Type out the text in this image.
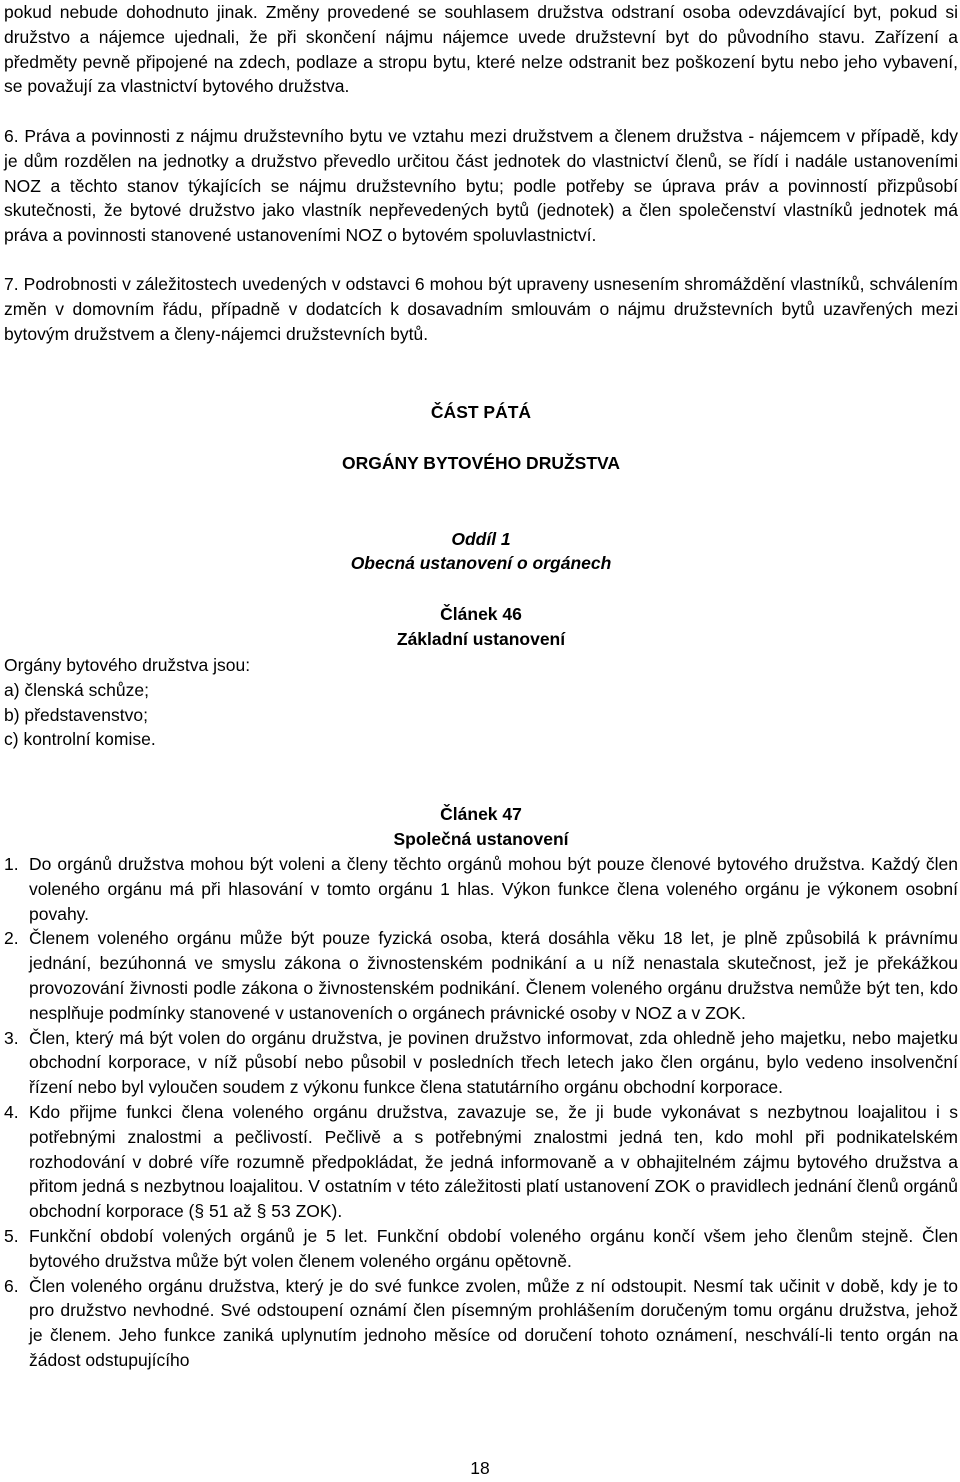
pokud nebude dohodnuto jinak. Změny provedené se souhlasem družstva odstraní osoba odevzdávající byt, pokud si družstvo a nájemce ujednali, že při skončení nájmu nájemce uvede družstevní byt do původního stavu. Zařízení a předměty pevně připojené na zdech, podlaze a stropu bytu, které nelze odstranit bez poškození bytu nebo jeho vybavení, se považují za vlastnictví bytového družstva.

6. Práva a povinnosti z nájmu družstevního bytu ve vztahu mezi družstvem a členem družstva - nájemcem v případě, kdy je dům rozdělen na jednotky a družstvo převedlo určitou část jednotek do vlastnictví členů, se řídí i nadále ustanoveními NOZ a těchto stanov týkajících se nájmu družstevního bytu; podle potřeby se úprava práv a povinností přizpůsobí skutečnosti, že bytové družstvo jako vlastník nepřevedených bytů (jednotek) a člen společenství vlastníků jednotek má práva a povinnosti stanovené ustanoveními NOZ o bytovém spoluvlastnictví.

7. Podrobnosti v záležitostech uvedených v odstavci 6 mohou být upraveny usnesením shromáždění vlastníků, schválením změn v domovním řádu, případně v dodatcích k dosavadním smlouvám o nájmu družstevních bytů uzavřených mezi bytovým družstvem a členy-nájemci družstevních bytů.

ČÁST PÁTÁ

ORGÁNY BYTOVÉHO DRUŽSTVA

Oddíl 1

Obecná ustanovení o orgánech

Článek 46

Základní ustanovení

Orgány bytového družstva jsou:
a) členská schůze;
b) představenstvo;
c) kontrolní komise.

Článek 47

Společná ustanovení

1. Do orgánů družstva mohou být voleni a členy těchto orgánů mohou být pouze členové bytového družstva. Každý člen voleného orgánu má při hlasování v tomto orgánu 1 hlas. Výkon funkce člena voleného orgánu je výkonem osobní povahy.
2. Členem voleného orgánu může být pouze fyzická osoba, která dosáhla věku 18 let, je plně způsobilá k právnímu jednání, bezúhonná ve smyslu zákona o živnostenském podnikání a u níž nenastala skutečnost, jež je překážkou provozování živnosti podle zákona o živnostenském podnikání. Členem voleného orgánu družstva nemůže být ten, kdo nesplňuje podmínky stanovené v ustanoveních o orgánech právnické osoby v NOZ a v ZOK.
3. Člen, který má být volen do orgánu družstva, je povinen družstvo informovat, zda ohledně jeho majetku, nebo majetku obchodní korporace, v níž působí nebo působil v posledních třech letech jako člen orgánu, bylo vedeno insolvenční řízení nebo byl vyloučen soudem z výkonu funkce člena statutárního orgánu obchodní korporace.
4. Kdo přijme funkci člena voleného orgánu družstva, zavazuje se, že ji bude vykonávat s nezbytnou loajalitou i s potřebnými znalostmi a pečlivostí. Pečlivě a s potřebnými znalostmi jedná ten, kdo mohl při podnikatelském rozhodování v dobré víře rozumně předpokládat, že jedná informovaně a v obhajitelném zájmu bytového družstva a přitom jedná s nezbytnou loajalitou. V ostatním v této záležitosti platí ustanovení ZOK o pravidlech jednání členů orgánů obchodní korporace (§ 51 až § 53 ZOK).
5. Funkční období volených orgánů je 5 let. Funkční období voleného orgánu končí všem jeho členům stejně. Člen bytového družstva může být volen členem voleného orgánu opětovně.
6. Člen voleného orgánu družstva, který je do své funkce zvolen, může z ní odstoupit. Nesmí tak učinit v době, kdy je to pro družstvo nevhodné. Své odstoupení oznámí člen písemným prohlášením doručeným tomu orgánu družstva, jehož je členem. Jeho funkce zaniká uplynutím jednoho měsíce od doručení tohoto oznámení, neschválí-li tento orgán na žádost odstupujícího
18
